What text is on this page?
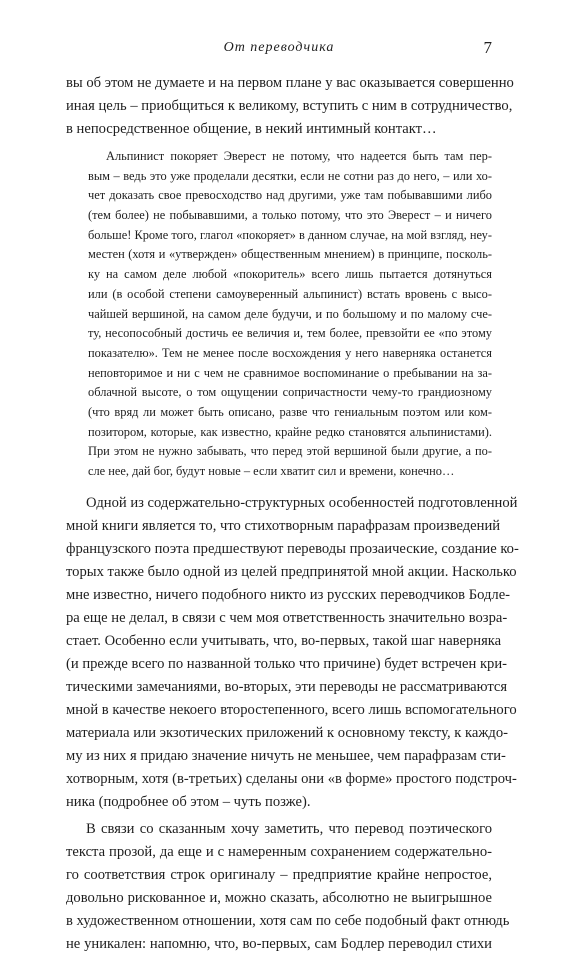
От переводчика	7
вы об этом не думаете и на первом плане у вас оказывается совершенно
иная цель – приобщиться к великому, вступить с ним в сотрудничество,
в непосредственное общение, в некий интимный контакт…
Альпинист покоряет Эверест не потому, что надеется быть там пер-
вым – ведь это уже проделали десятки, если не сотни раз до него, – или хо-
чет доказать свое превосходство над другими, уже там побывавшими либо
(тем более) не побывавшими, а только потому, что это Эверест – и ничего
больше! Кроме того, глагол «покоряет» в данном случае, на мой взгляд, неу-
местен (хотя и «утвержден» общественным мнением) в принципе, посколь-
ку на самом деле любой «покоритель» всего лишь пытается дотянуться
или (в особой степени самоуверенный альпинист) встать вровень с высо-
чайшей вершиной, на самом деле будучи, и по большому и по малому сче-
ту, несопособный достичь ее величия и, тем более, превзойти ее «по этому
показателю». Тем не менее после восхождения у него наверняка останется
неповторимое и ни с чем не сравнимое воспоминание о пребывании на за-
облачной высоте, о том ощущении сопричастности чему-то грандиозному
(что вряд ли может быть описано, разве что гениальным поэтом или ком-
позитором, которые, как известно, крайне редко становятся альпинистами).
При этом не нужно забывать, что перед этой вершиной были другие, а по-
сле нее, дай бог, будут новые – если хватит сил и времени, конечно…
Одной из содержательно-структурных особенностей подготовленной
мной книги является то, что стихотворным парафразам произведений
французского поэта предшествуют переводы прозаические, создание ко-
торых также было одной из целей предпринятой мной акции. Насколько
мне известно, ничего подобного никто из русских переводчиков Бодле-
ра еще не делал, в связи с чем моя ответственность значительно возра-
стает. Особенно если учитывать, что, во-первых, такой шаг наверняка
(и прежде всего по названной только что причине) будет встречен кри-
тическими замечаниями, во-вторых, эти переводы не рассматриваются
мной в качестве некоего второстепенного, всего лишь вспомогательного
материала или экзотических приложений к основному тексту, к каждо-
му из них я придаю значение ничуть не меньшее, чем парафразам сти-
хотворным, хотя (в-третьих) сделаны они «в форме» простого подстроч-
ника (подробнее об этом – чуть позже).
В связи со сказанным хочу заметить, что перевод поэтического
текста прозой, да еще и с намеренным сохранением содержательно-
го соответствия строк оригиналу – предприятие крайне непростое,
довольно рискованное и, можно сказать, абсолютно не выигрышное
в художественном отношении, хотя сам по себе подобный факт отнюдь
не уникален: напомню, что, во-первых, сам Бодлер переводил стихи
